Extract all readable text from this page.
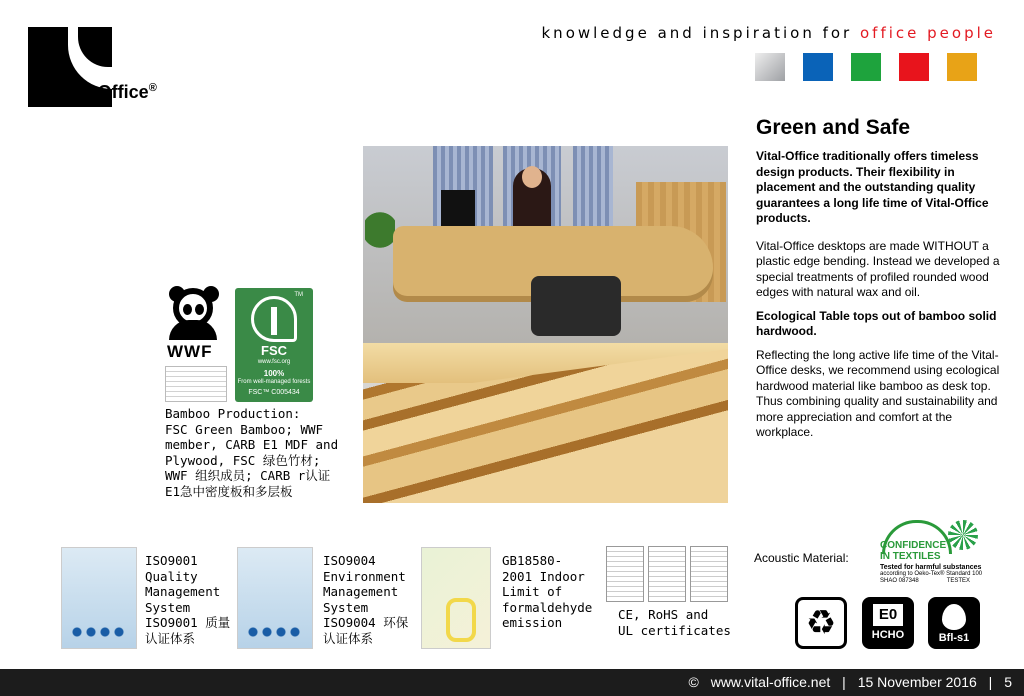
Vital-Office®
knowledge and inspiration for office people
Green and Safe

Vital-Office traditionally offers timeless design products. Their flexibility in placement and the outstanding quality guarantees a long life time of Vital-Office products.

Vital-Office desktops are made WITHOUT a plastic edge bending. Instead we developed a special treatments of profiled rounded wood edges with natural wax and oil.

Ecological Table tops out of bamboo solid hardwood.

Reflecting the long active life time of the Vital-Office desks, we recommend using ecological hardwood material like bamboo as desk top. Thus combining quality and sustainability and more appreciation and comfort at the workplace.

WWF
TM
FSC
www.fsc.org
100%
From well-managed forests
FSC™ C005434
Bamboo Production:
FSC Green Bamboo; WWF
member, CARB E1 MDF and
Plywood, FSC 绿色竹材;
WWF 组织成员; CARB r认证
E1急中密度板和多层板
ISO9001
Quality
Management
System
ISO9001 质量
认证体系
ISO9004
Environment
Management
System
ISO9004 环保
认证体系
GB18580-
2001 Indoor
Limit of
formaldehyde
emission
CE, RoHS and
UL certificates
Acoustic Material:
CONFIDENCE
IN TEXTILES
Tested for harmful substances
according to Oeko-Tex® Standard 100
SHAO 087348	TESTEX
♻	E0
HCHO	Bfl-s1
© www.vital-office.net | 15 November 2016 | 5
